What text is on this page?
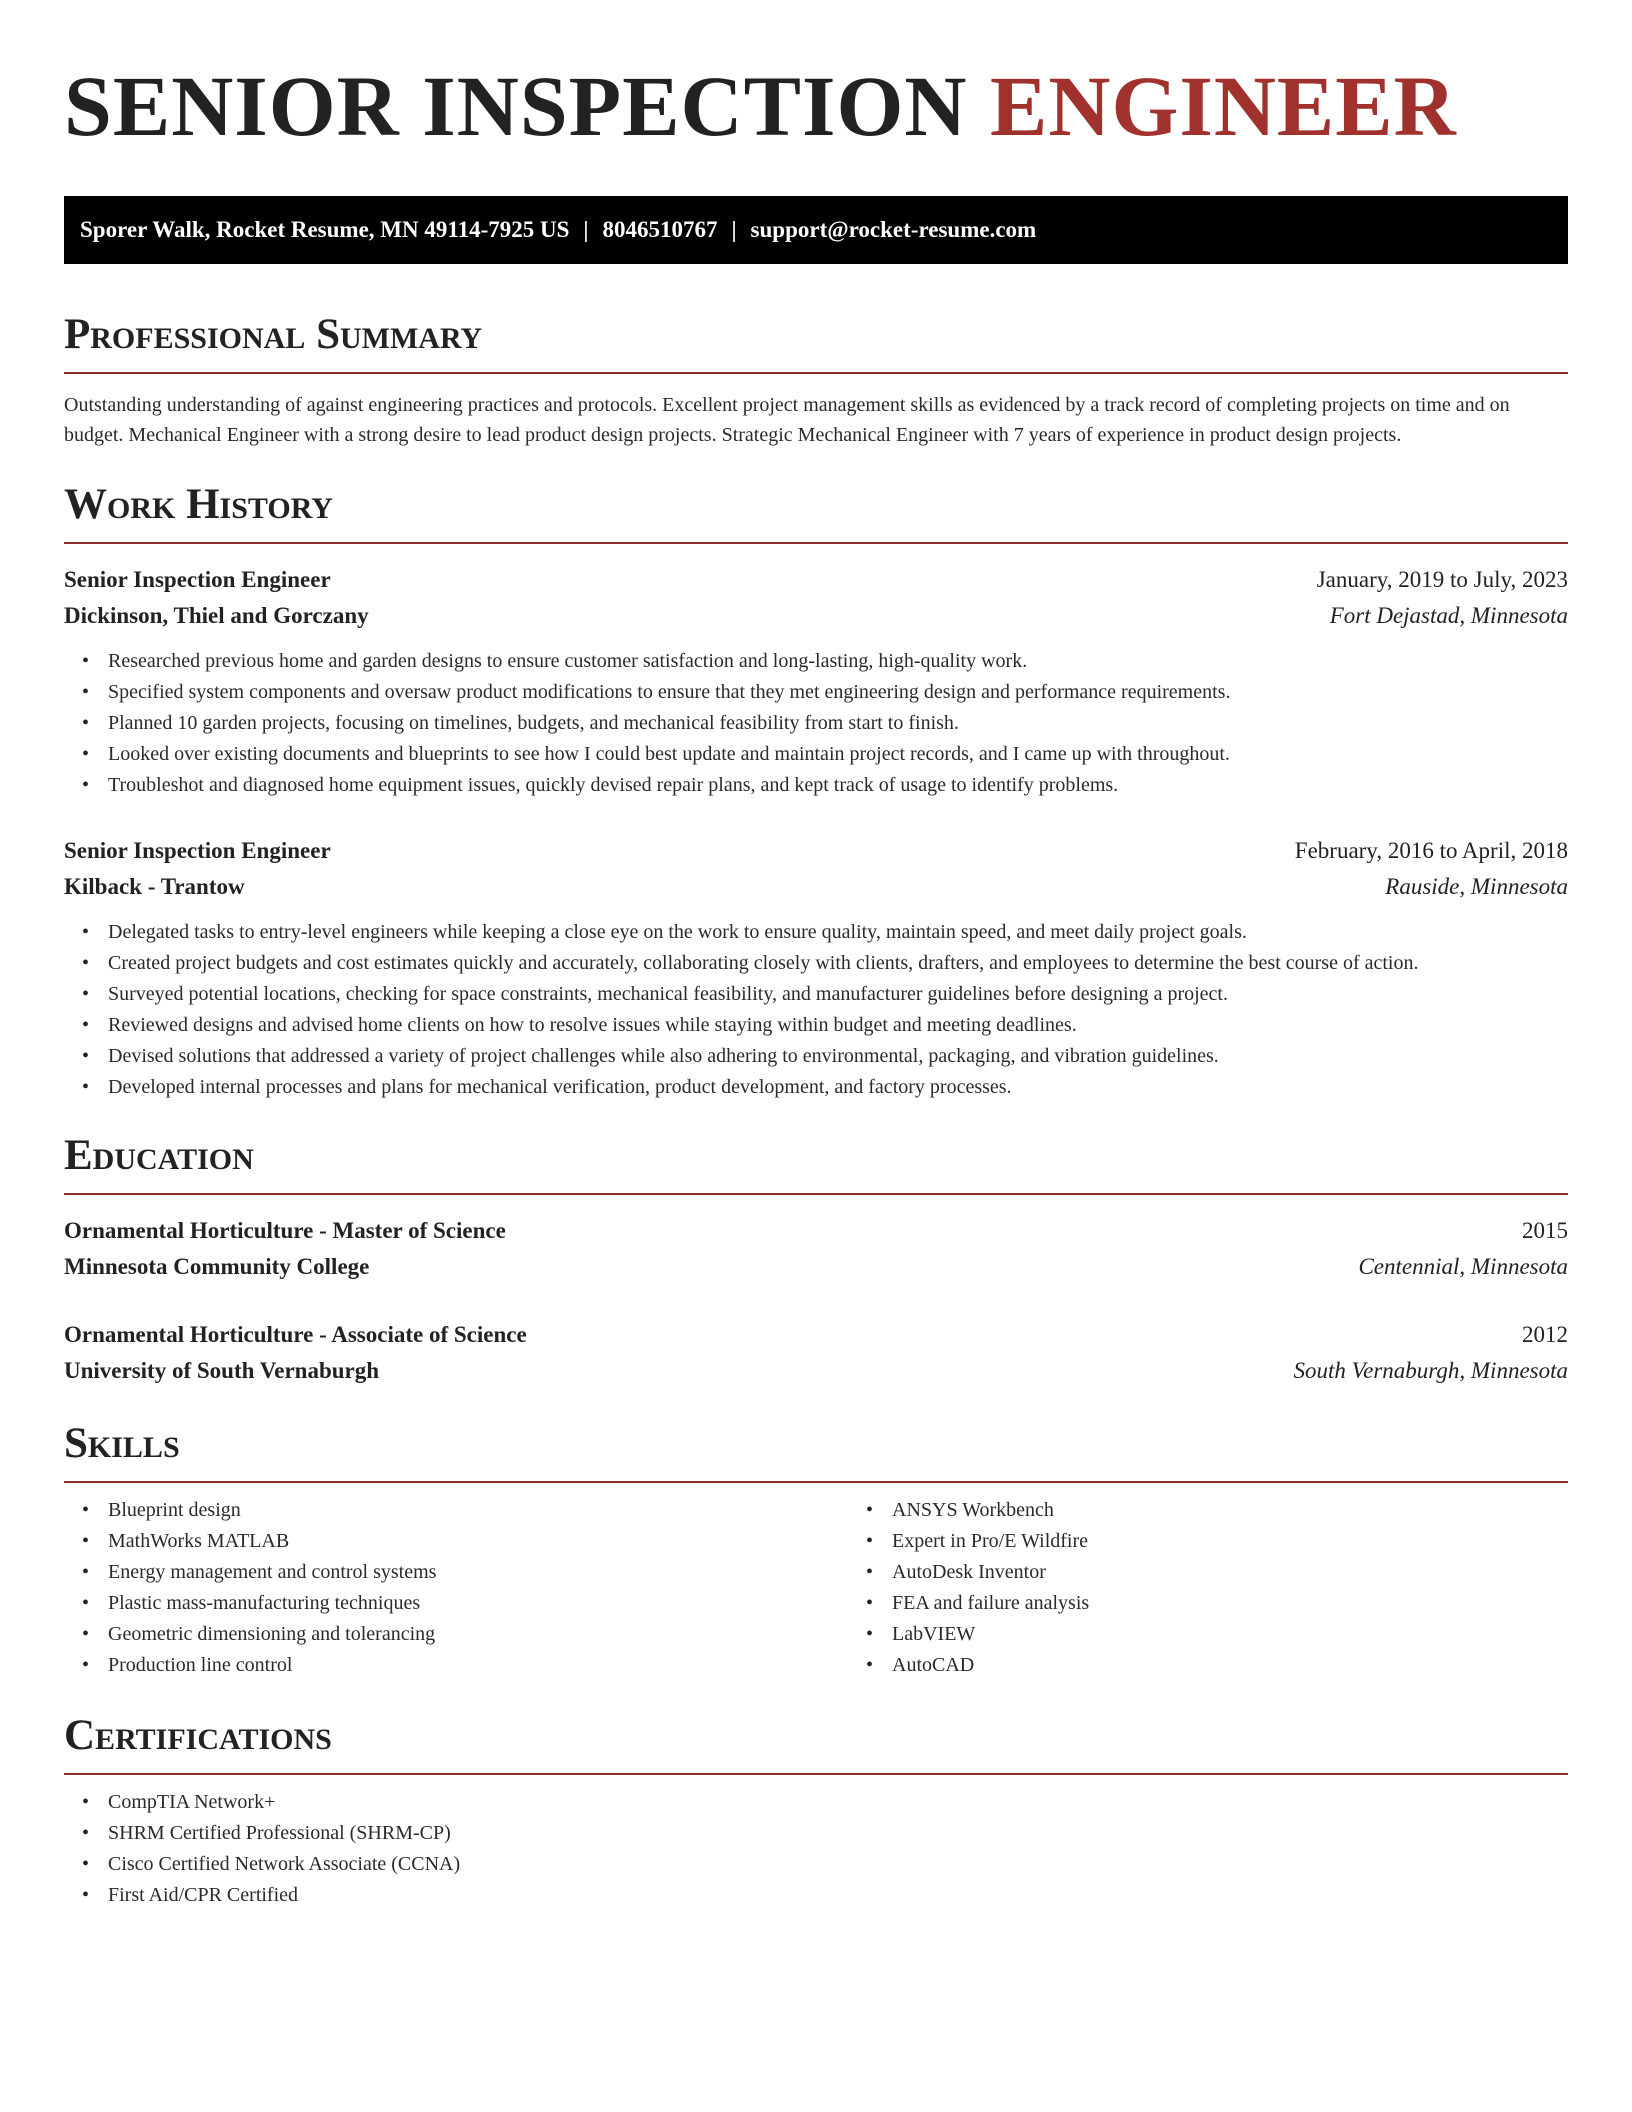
SENIOR INSPECTION ENGINEER
Sporer Walk, Rocket Resume, MN 49114-7925 US | 8046510767 | support@rocket-resume.com
Professional Summary

Outstanding understanding of against engineering practices and protocols. Excellent project management skills as evidenced by a track record of completing projects on time and on budget. Mechanical Engineer with a strong desire to lead product design projects. Strategic Mechanical Engineer with 7 years of experience in product design projects.

Work History
Senior Inspection Engineer	January, 2019 to July, 2023
Dickinson, Thiel and Gorczany	Fort Dejastad, Minnesota
• Researched previous home and garden designs to ensure customer satisfaction and long-lasting, high-quality work.
• Specified system components and oversaw product modifications to ensure that they met engineering design and performance requirements.
• Planned 10 garden projects, focusing on timelines, budgets, and mechanical feasibility from start to finish.
• Looked over existing documents and blueprints to see how I could best update and maintain project records, and I came up with throughout.
• Troubleshot and diagnosed home equipment issues, quickly devised repair plans, and kept track of usage to identify problems.
Senior Inspection Engineer	February, 2016 to April, 2018
Kilback - Trantow	Rauside, Minnesota
• Delegated tasks to entry-level engineers while keeping a close eye on the work to ensure quality, maintain speed, and meet daily project goals.
• Created project budgets and cost estimates quickly and accurately, collaborating closely with clients, drafters, and employees to determine the best course of action.
• Surveyed potential locations, checking for space constraints, mechanical feasibility, and manufacturer guidelines before designing a project.
• Reviewed designs and advised home clients on how to resolve issues while staying within budget and meeting deadlines.
• Devised solutions that addressed a variety of project challenges while also adhering to environmental, packaging, and vibration guidelines.
• Developed internal processes and plans for mechanical verification, product development, and factory processes.
Education
Ornamental Horticulture - Master of Science	2015
Minnesota Community College	Centennial, Minnesota
Ornamental Horticulture - Associate of Science	2012
University of South Vernaburgh	South Vernaburgh, Minnesota
Skills
• Blueprint design
• MathWorks MATLAB
• Energy management and control systems
• Plastic mass-manufacturing techniques
• Geometric dimensioning and tolerancing
• Production line control
• ANSYS Workbench
• Expert in Pro/E Wildfire
• AutoDesk Inventor
• FEA and failure analysis
• LabVIEW
• AutoCAD
Certifications
• CompTIA Network+
• SHRM Certified Professional (SHRM-CP)
• Cisco Certified Network Associate (CCNA)
• First Aid/CPR Certified
